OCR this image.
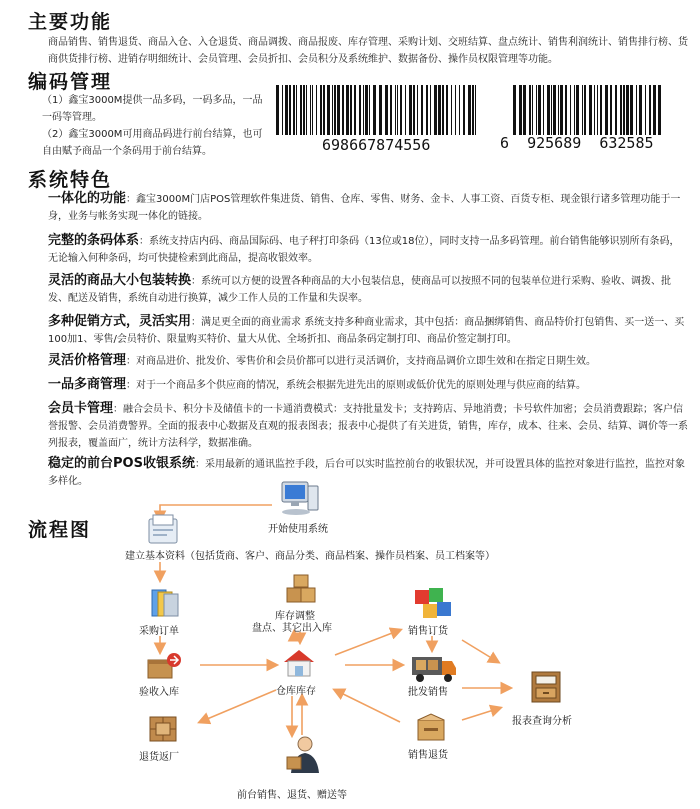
主要功能
商品销售、销售退货、商品入仓、入仓退货、商品调拨、商品报废、库存管理、采购计划、交班结算、盘点统计、销售利润统计、销售排行榜、货商供货排行榜、进销存明细统计、会员管理、会员折扣、会员积分及系统维护、数据备份、操作员权限管理等功能。
编码管理
（1）鑫宝3000M提供一品多码，一码多品，一品一码等管理。
（2）鑫宝3000M可用商品码进行前台结算，也可自由赋予商品一个条码用于前台结算。	698667874556	6  925689  632585
系统特色
一体化的功能：鑫宝3000M门店POS管理软件集进货、销售、仓库、零售、财务、金卡、人事工资、百货专柜、现金银行诸多管理功能于一身，业务与帐务实现一体化的链接。
完整的条码体系：系统支持店内码、商品国际码、电子秤打印条码（13位或18位），同时支持一品多码管理。前台销售能够识别所有条码，无论输入何种条码，均可快捷检索到此商品，提高收银效率。
灵活的商品大小包装转换：系统可以方便的设置各种商品的大小包装信息，使商品可以按照不同的包装单位进行采购、验收、调拨、批发、配送及销售，系统自动进行换算，减少工作人员的工作量和失误率。
多种促销方式，灵活实用：满足更全面的商业需求 系统支持多种商业需求，其中包括：商品捆绑销售、商品特价打包销售、买一送一、买100加1、零售/会员特价、限量购买特价、量大从优、全场折扣、商品条码定制打印、商品价签定制打印。
灵活价格管理：对商品进价、批发价、零售价和会员价都可以进行灵活调价，支持商品调价立即生效和在指定日期生效。
一品多商管理：对于一个商品多个供应商的情况，系统会根据先进先出的原则或低价优先的原则处理与供应商的结算。
会员卡管理：融合会员卡、积分卡及储值卡的一卡通消费模式：支持批量发卡；支持跨店、异地消费；卡号软件加密；会员消费跟踪；客户信誉报警、会员消费警界。全面的报表中心数据及直观的报表图表；报表中心提供了有关进货，销售，库存，成本、往来、会员、结算、调价等一系列报表，覆盖面广，统计方法科学，数据准确。
稳定的前台POS收银系统：采用最新的通讯监控手段，后台可以实时监控前台的收银状况，并可设置具体的监控对象进行监控，监控对象多样化。
流程图	开始使用系统
建立基本资料（包括货商、客户、商品分类、商品档案、操作员档案、员工档案等）
采购订单
验收入库
退货返厂
库存调整
盘点、其它出入库
仓库库存
前台销售、退货、赠送等
销售订货
批发销售
销售退货
报表查询分析
